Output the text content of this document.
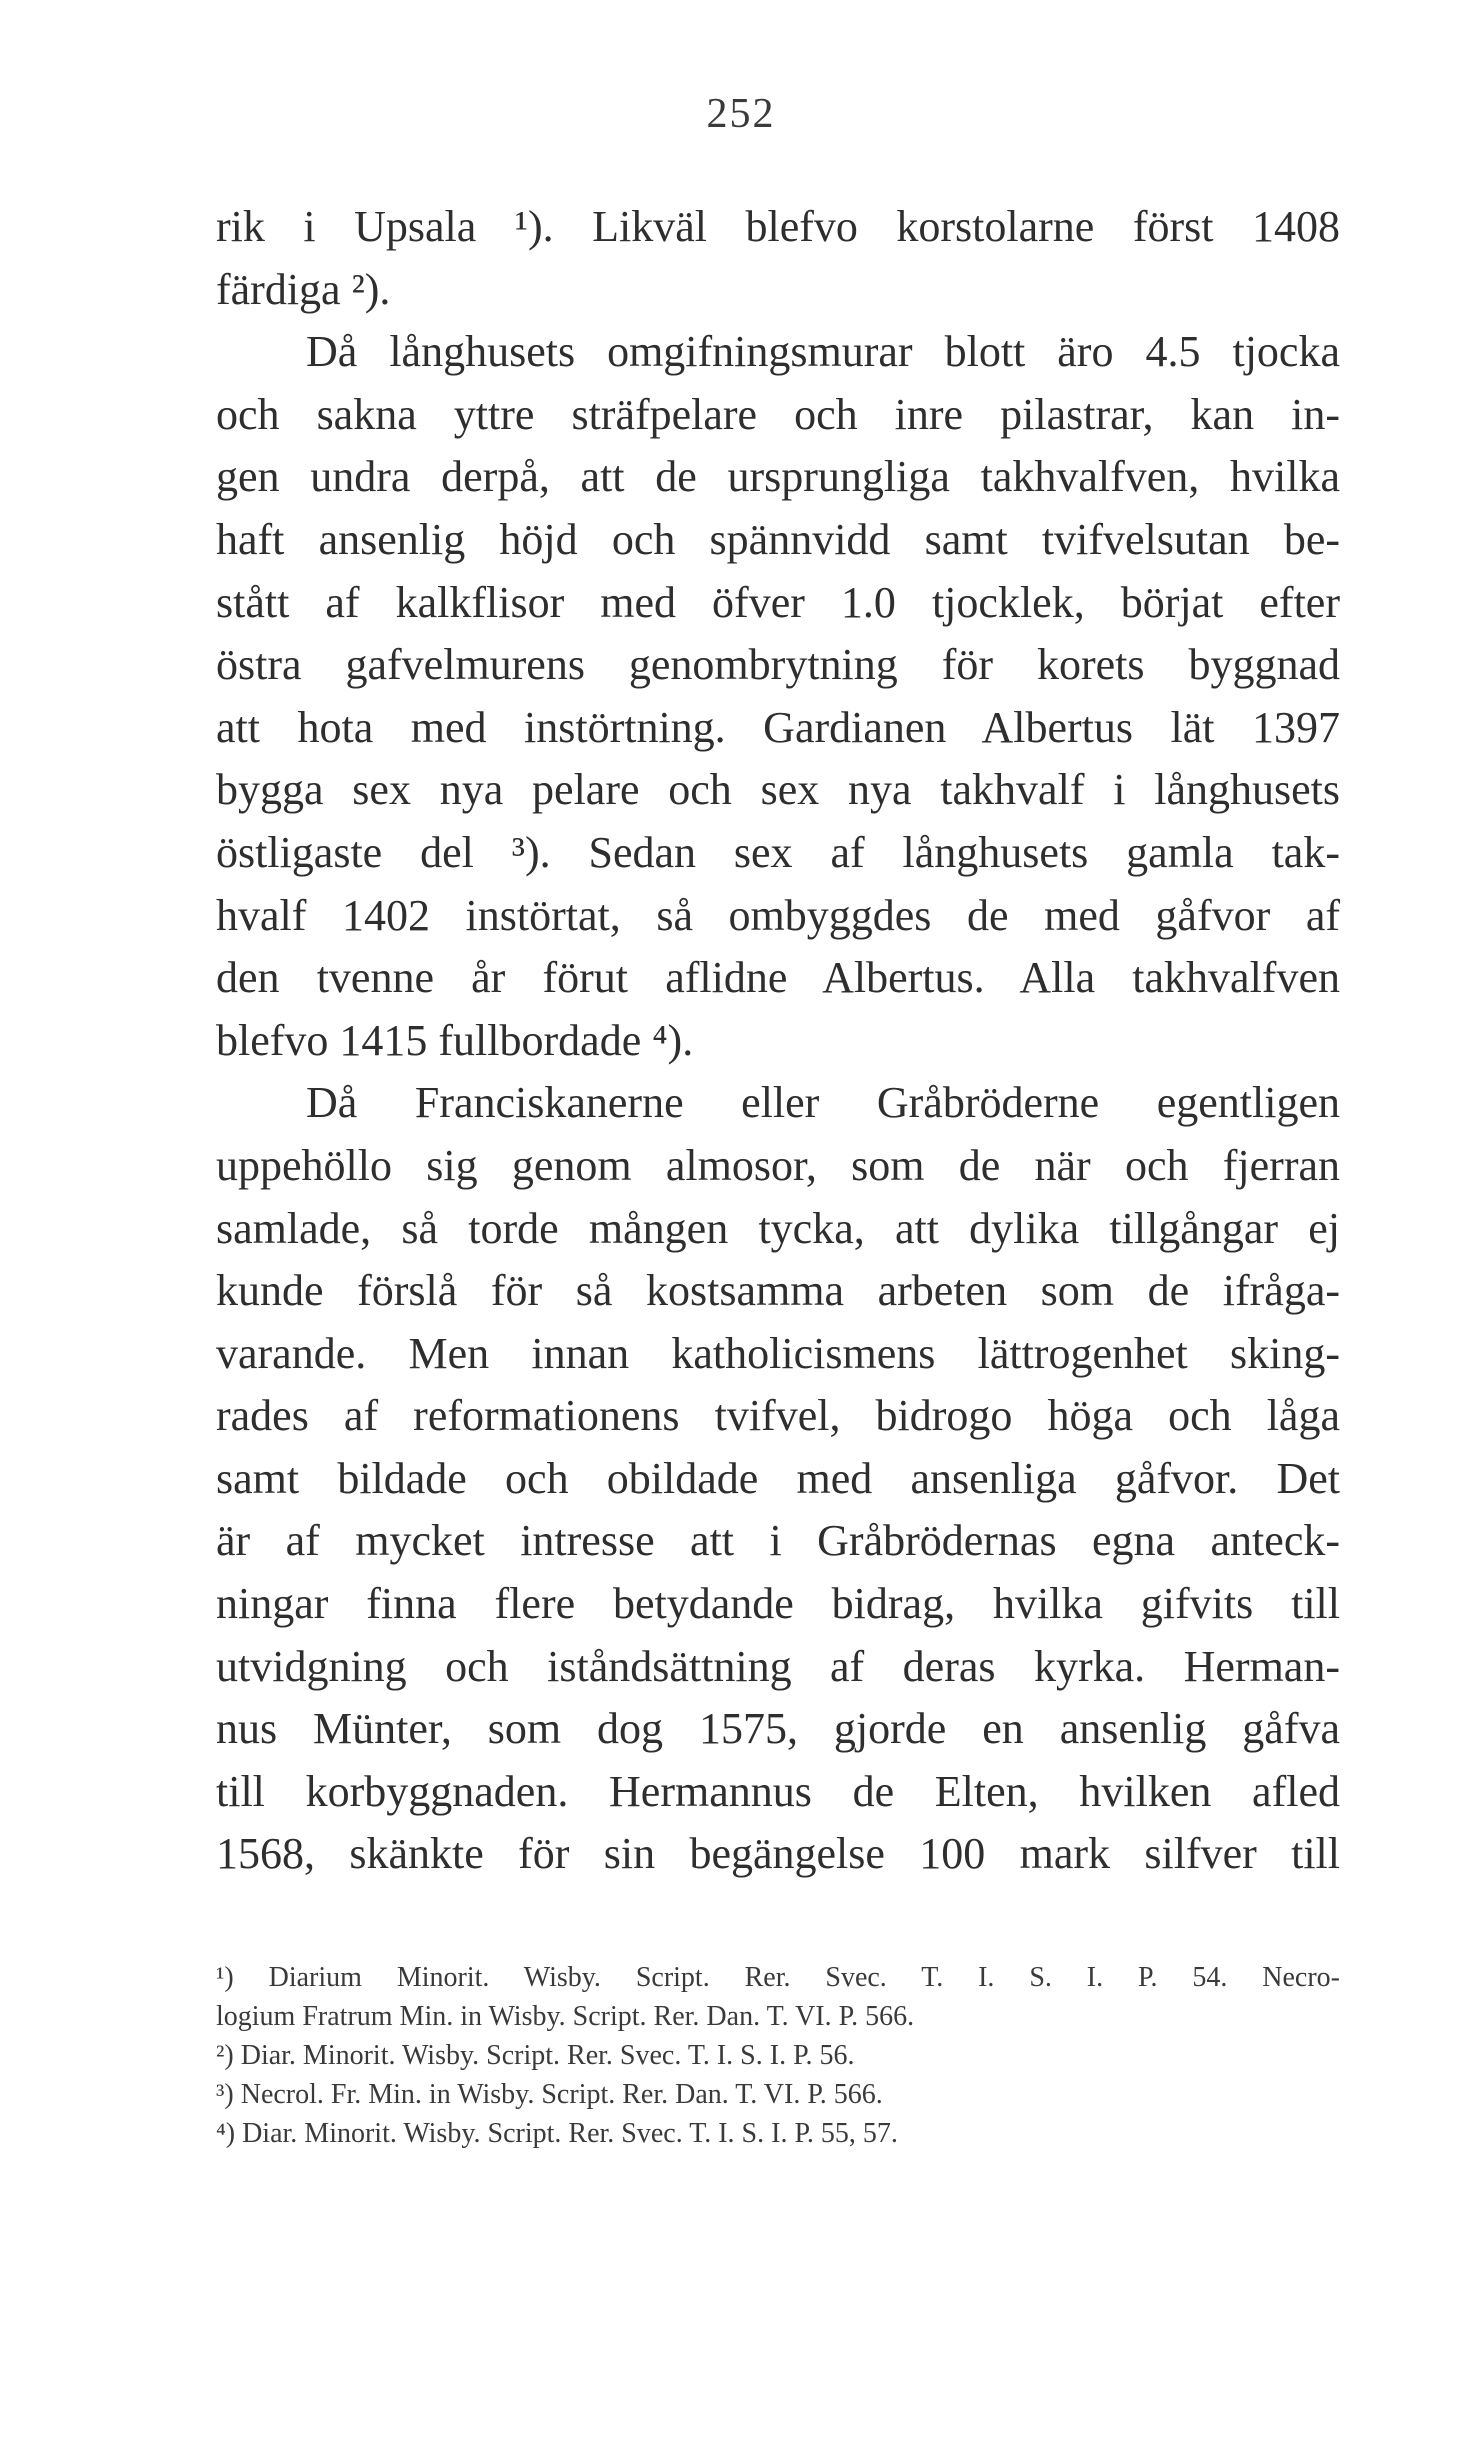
252
rik i Upsala ¹). Likväl blefvo korstolarne först 1408
färdiga ²).
Då långhusets omgifningsmurar blott äro 4.5 tjocka
och sakna yttre sträfpelare och inre pilastrar, kan in-
gen undra derpå, att de ursprungliga takhvalfven, hvilka
haft ansenlig höjd och spännvidd samt tvifvelsutan be-
stått af kalkflisor med öfver 1.0 tjocklek, börjat efter
östra gafvelmurens genombrytning för korets byggnad
att hota med instörtning. Gardianen Albertus lät 1397
bygga sex nya pelare och sex nya takhvalf i långhusets
östligaste del ³). Sedan sex af långhusets gamla tak-
hvalf 1402 instörtat, så ombyggdes de med gåfvor af
den tvenne år förut aflidne Albertus. Alla takhvalfven
blefvo 1415 fullbordade ⁴).
Då Franciskanerne eller Gråbröderne egentligen
uppehöllo sig genom almosor, som de när och fjerran
samlade, så torde mången tycka, att dylika tillgångar ej
kunde förslå för så kostsamma arbeten som de ifråga-
varande. Men innan katholicismens lättrogenhet sking-
rades af reformationens tvifvel, bidrogo höga och låga
samt bildade och obildade med ansenliga gåfvor. Det
är af mycket intresse att i Gråbrödernas egna anteck-
ningar finna flere betydande bidrag, hvilka gifvits till
utvidgning och iståndsättning af deras kyrka. Herman-
nus Münter, som dog 1575, gjorde en ansenlig gåfva
till korbyggnaden. Hermannus de Elten, hvilken afled
1568, skänkte för sin begängelse 100 mark silfver till
¹) Diarium Minorit. Wisby. Script. Rer. Svec. T. I. S. I. P. 54. Necro-
logium Fratrum Min. in Wisby. Script. Rer. Dan. T. VI. P. 566.
²) Diar. Minorit. Wisby. Script. Rer. Svec. T. I. S. I. P. 56.
³) Necrol. Fr. Min. in Wisby. Script. Rer. Dan. T. VI. P. 566.
⁴) Diar. Minorit. Wisby. Script. Rer. Svec. T. I. S. I. P. 55, 57.
